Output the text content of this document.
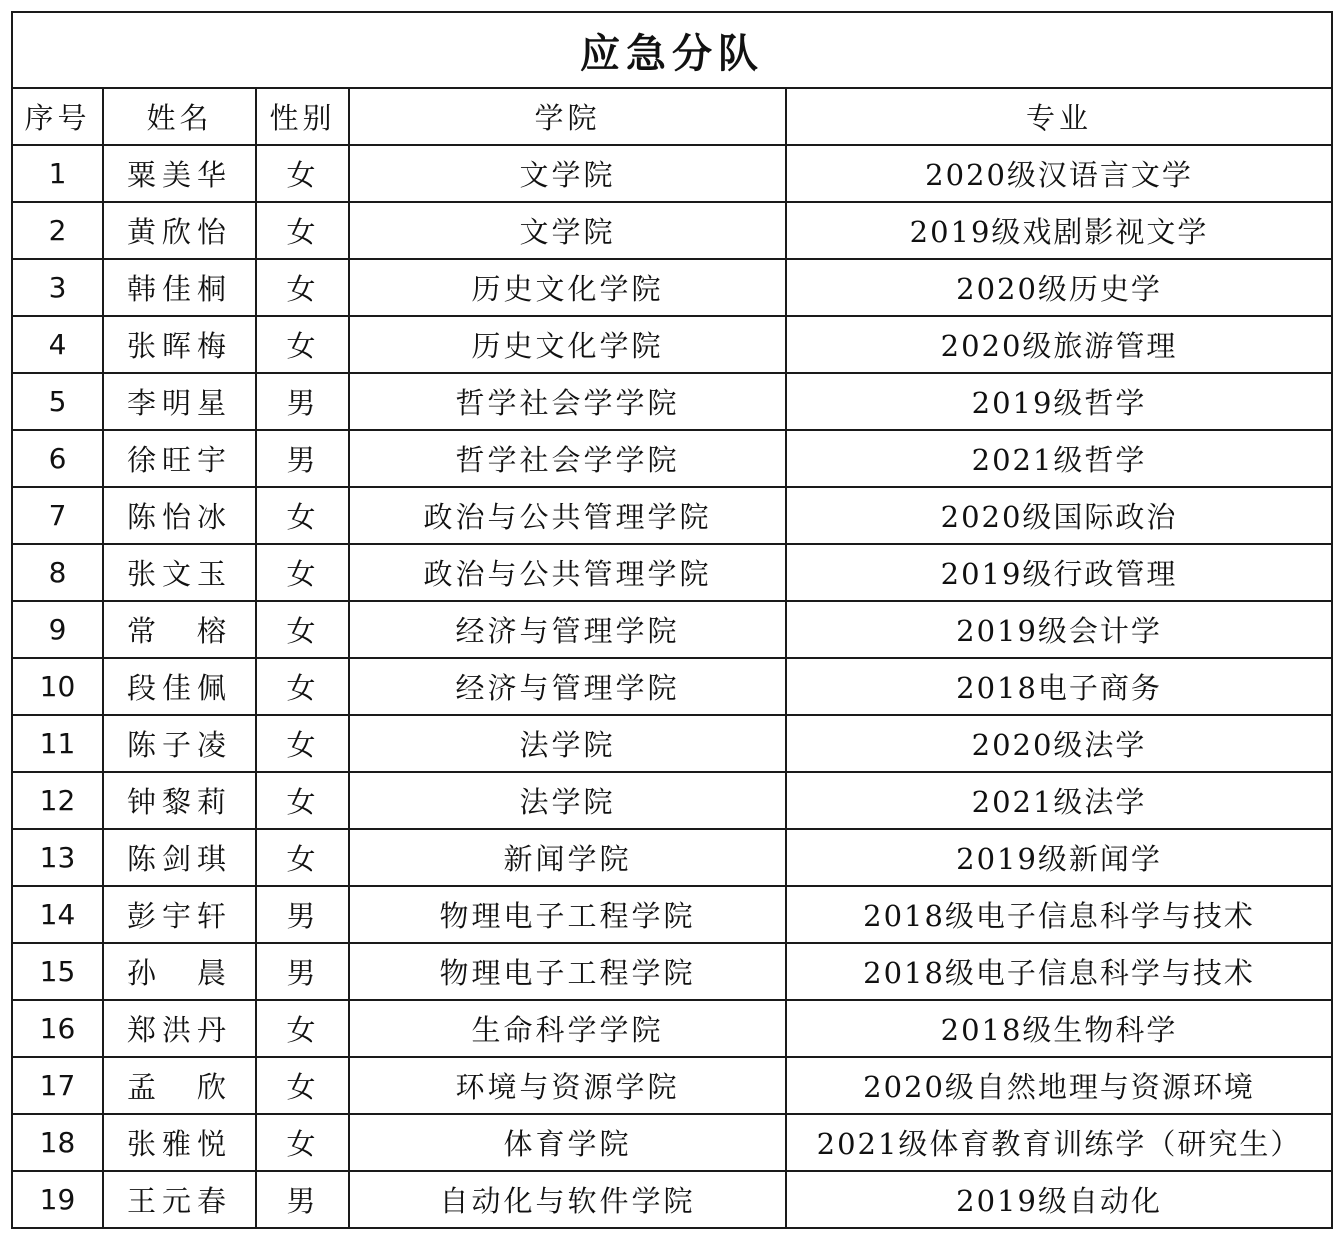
应急分队				
序号	姓名	性别	学院	专业
1	粟美华	女	文学院	2020级汉语言文学
2	黄欣怡	女	文学院	2019级戏剧影视文学
3	韩佳桐	女	历史文化学院	2020级历史学
4	张晖梅	女	历史文化学院	2020级旅游管理
5	李明星	男	哲学社会学学院	2019级哲学
6	徐旺宇	男	哲学社会学学院	2021级哲学
7	陈怡冰	女	政治与公共管理学院	2020级国际政治
8	张文玉	女	政治与公共管理学院	2019级行政管理
9	常　榕	女	经济与管理学院	2019级会计学
10	段佳佩	女	经济与管理学院	2018电子商务
11	陈子凌	女	法学院	2020级法学
12	钟黎莉	女	法学院	2021级法学
13	陈剑琪	女	新闻学院	2019级新闻学
14	彭宇轩	男	物理电子工程学院	2018级电子信息科学与技术
15	孙　晨	男	物理电子工程学院	2018级电子信息科学与技术
16	郑洪丹	女	生命科学学院	2018级生物科学
17	孟　欣	女	环境与资源学院	2020级自然地理与资源环境
18	张雅悦	女	体育学院	2021级体育教育训练学（研究生）
19	王元春	男	自动化与软件学院	2019级自动化
